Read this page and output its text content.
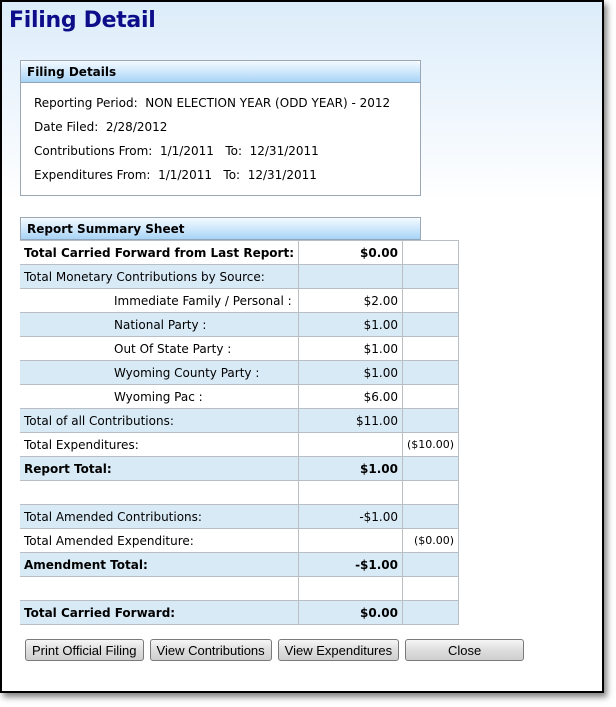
Filing Detail
Filing Details
Reporting Period:  NON ELECTION YEAR (ODD YEAR) - 2012
Date Filed:  2/28/2012
Contributions From:  1/1/2011   To:  12/31/2011
Expenditures From:  1/1/2011   To:  12/31/2011
Report Summary Sheet
Total Carried Forward from Last Report:	$0.00	
Total Monetary Contributions by Source:		
Immediate Family / Personal :	$2.00	
National Party :	$1.00	
Out Of State Party :	$1.00	
Wyoming County Party :	$1.00	
Wyoming Pac :	$6.00	
Total of all Contributions:	$11.00	
Total Expenditures:		($10.00)
Report Total:	$1.00	

Total Amended Contributions:	-$1.00	
Total Amended Expenditure:		($0.00)
Amendment Total:	-$1.00	

Total Carried Forward:	$0.00	
Print Official Filing	View Contributions	View Expenditures	Close
